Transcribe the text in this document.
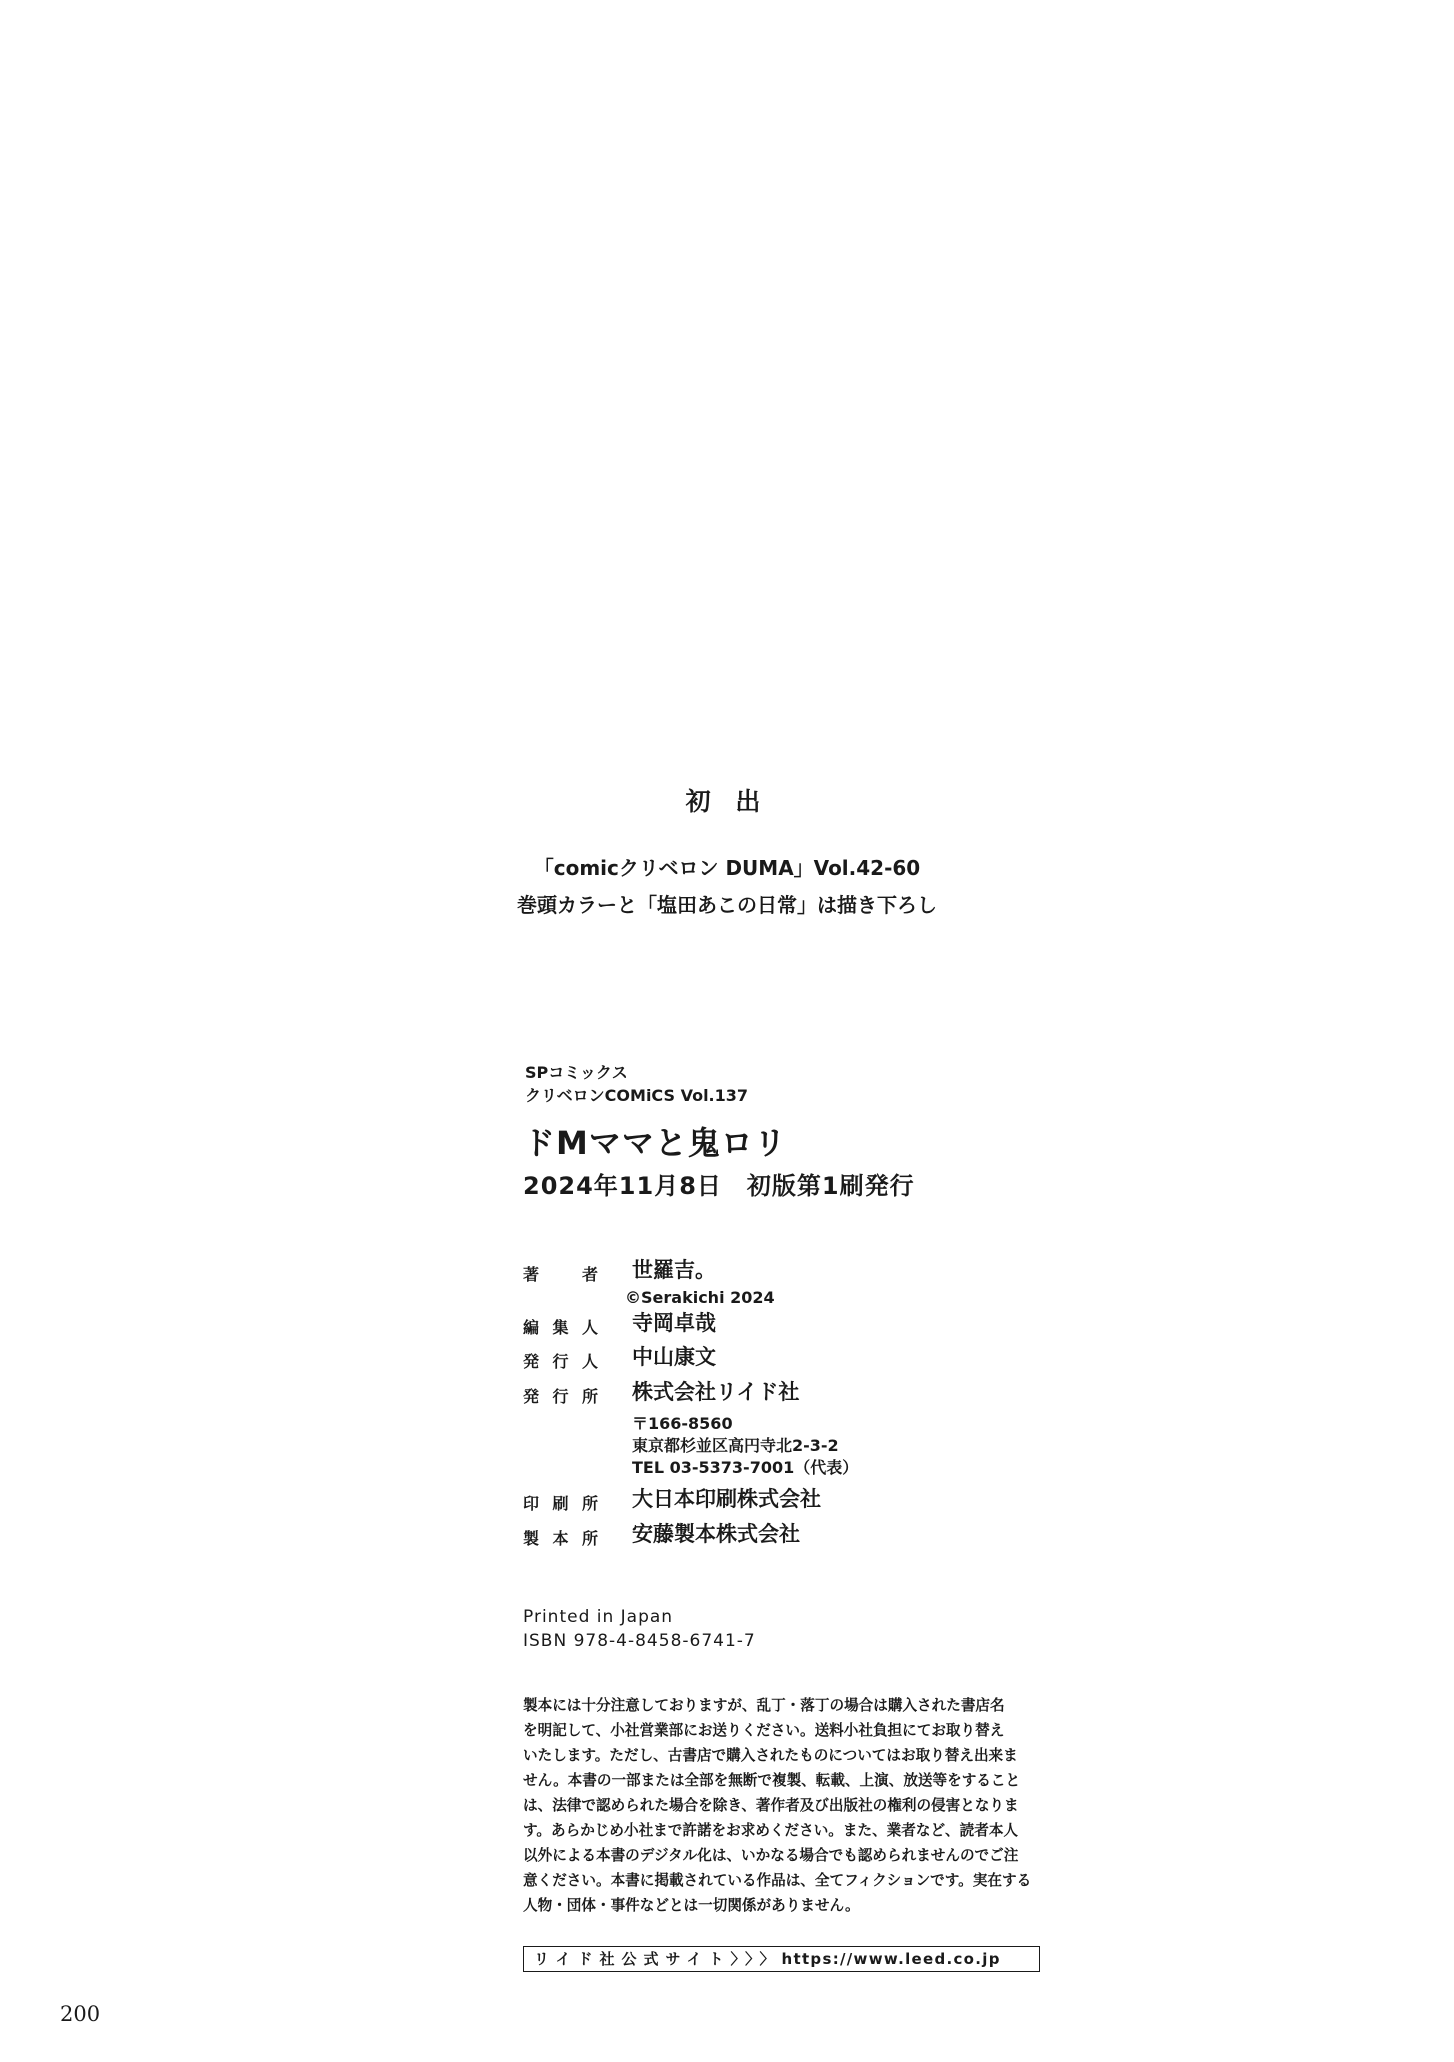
初 出
「comicクリベロン DUMA」Vol.42-60
巻頭カラーと「塩田あこの日常」は描き下ろし
SPコミックス
クリベロンCOMiCS Vol.137
ドMママと鬼ロリ
2024年11月8日　初版第1刷発行
著	者 世羅吉。
©Serakichi 2024
編 集 人 寺岡卓哉
発 行 人 中山康文
発 行 所 株式会社リイド社
〒166-8560
東京都杉並区高円寺北2-3-2
TEL 03-5373-7001（代表）
印 刷 所 大日本印刷株式会社
製 本 所 安藤製本株式会社
Printed in Japan
ISBN 978-4-8458-6741-7
製本には十分注意しておりますが、乱丁・落丁の場合は購入された書店名
を明記して、小社営業部にお送りください。送料小社負担にてお取り替え
いたします。ただし、古書店で購入されたものについてはお取り替え出来ま
せん。本書の一部または全部を無断で複製、転載、上演、放送等をすること
は、法律で認められた場合を除き、著作者及び出版社の権利の侵害となりま
す。あらかじめ小社まで許諾をお求めください。また、業者など、読者本人
以外による本書のデジタル化は、いかなる場合でも認められませんのでご注
意ください。本書に掲載されている作品は、全てフィクションです。実在する
人物・団体・事件などとは一切関係がありません。
リイド社公式サイト〉〉〉https://www.leed.co.jp
200
